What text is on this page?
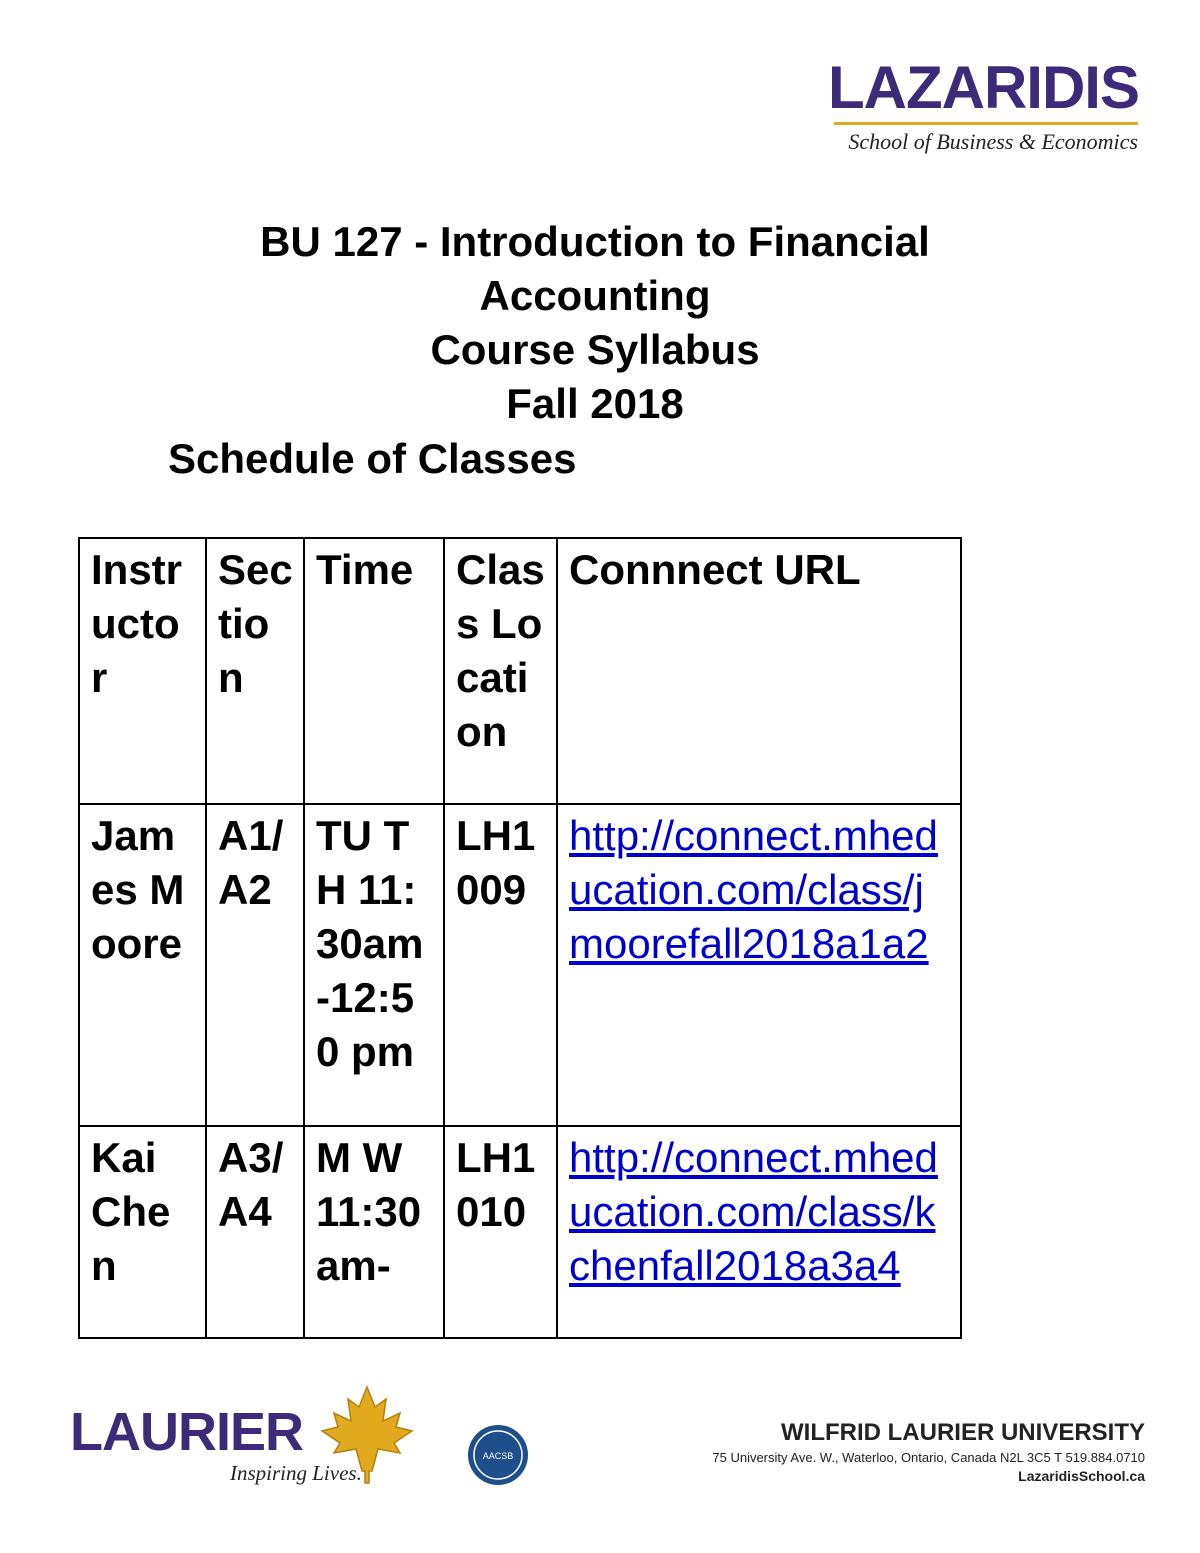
LAZARIDIS
School of Business & Economics
BU 127 - Introduction to Financial
Accounting
Course Syllabus
Fall 2018
Schedule of Classes
Instructor	Section	Time	Class Location	Connnect URL
James Moore	A1/ A2	TU TH 11:30am-12:50 pm	LH1009	http://connect.mheducation.com/class/jmoorefall2018a1a2
Kai Chen	A3/ A4	M W 11:30 am-	LH1010	http://connect.mheducation.com/class/kchenfall2018a3a4
LAURIER
Inspiring Lives.
AACSB
WILFRID LAURIER UNIVERSITY
75 University Ave. W., Waterloo, Ontario, Canada N2L 3C5 T 519.884.0710
LazaridisSchool.ca
